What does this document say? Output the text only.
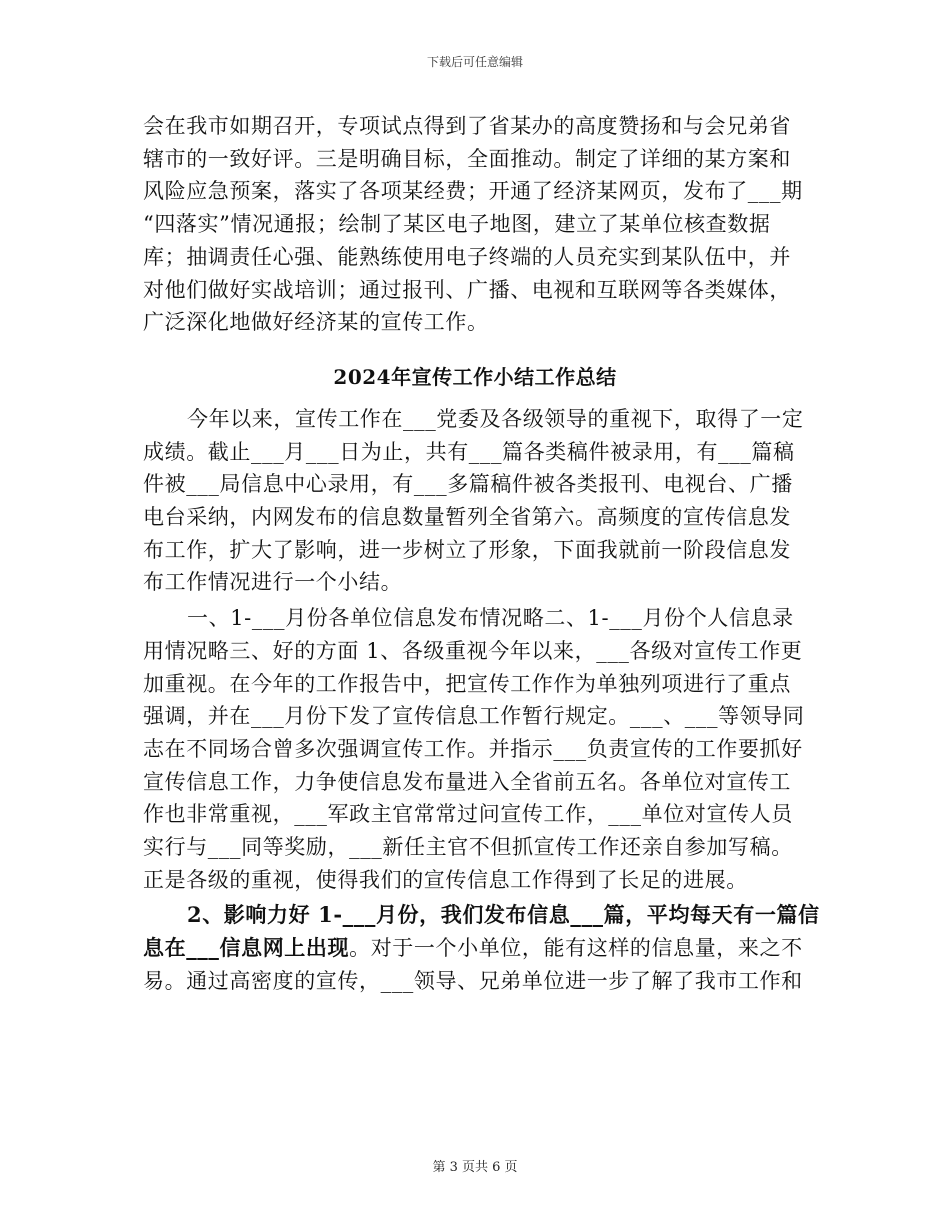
下载后可任意编辑
会在我市如期召开，专项试点得到了省某办的高度赞扬和与会兄弟省
辖市的一致好评。三是明确目标，全面推动。制定了详细的某方案和
风险应急预案，落实了各项某经费；开通了经济某网页，发布了___期
“四落实”情况通报；绘制了某区电子地图，建立了某单位核查数据
库；抽调责任心强、能熟练使用电子终端的人员充实到某队伍中，并
对他们做好实战培训；通过报刊、广播、电视和互联网等各类媒体，
广泛深化地做好经济某的宣传工作。
2024年宣传工作小结工作总结
今年以来，宣传工作在___党委及各级领导的重视下，取得了一定
成绩。截止___月___日为止，共有___篇各类稿件被录用，有___篇稿
件被___局信息中心录用，有___多篇稿件被各类报刊、电视台、广播
电台采纳，内网发布的信息数量暂列全省第六。高频度的宣传信息发
布工作，扩大了影响，进一步树立了形象，下面我就前一阶段信息发
布工作情况进行一个小结。
一、1-___月份各单位信息发布情况略二、1-___月份个人信息录
用情况略三、好的方面 1、各级重视今年以来，___各级对宣传工作更
加重视。在今年的工作报告中，把宣传工作作为单独列项进行了重点
强调，并在___月份下发了宣传信息工作暂行规定。___、___等领导同
志在不同场合曾多次强调宣传工作。并指示___负责宣传的工作要抓好
宣传信息工作，力争使信息发布量进入全省前五名。各单位对宣传工
作也非常重视，___军政主官常常过问宣传工作，___单位对宣传人员
实行与___同等奖励，___新任主官不但抓宣传工作还亲自参加写稿。
正是各级的重视，使得我们的宣传信息工作得到了长足的进展。
2、影响力好 1-___月份，我们发布信息___篇，平均每天有一篇信
息在___信息网上出现。对于一个小单位，能有这样的信息量，来之不
易。通过高密度的宣传，___领导、兄弟单位进一步了解了我市工作和
第 3 页共 6 页
